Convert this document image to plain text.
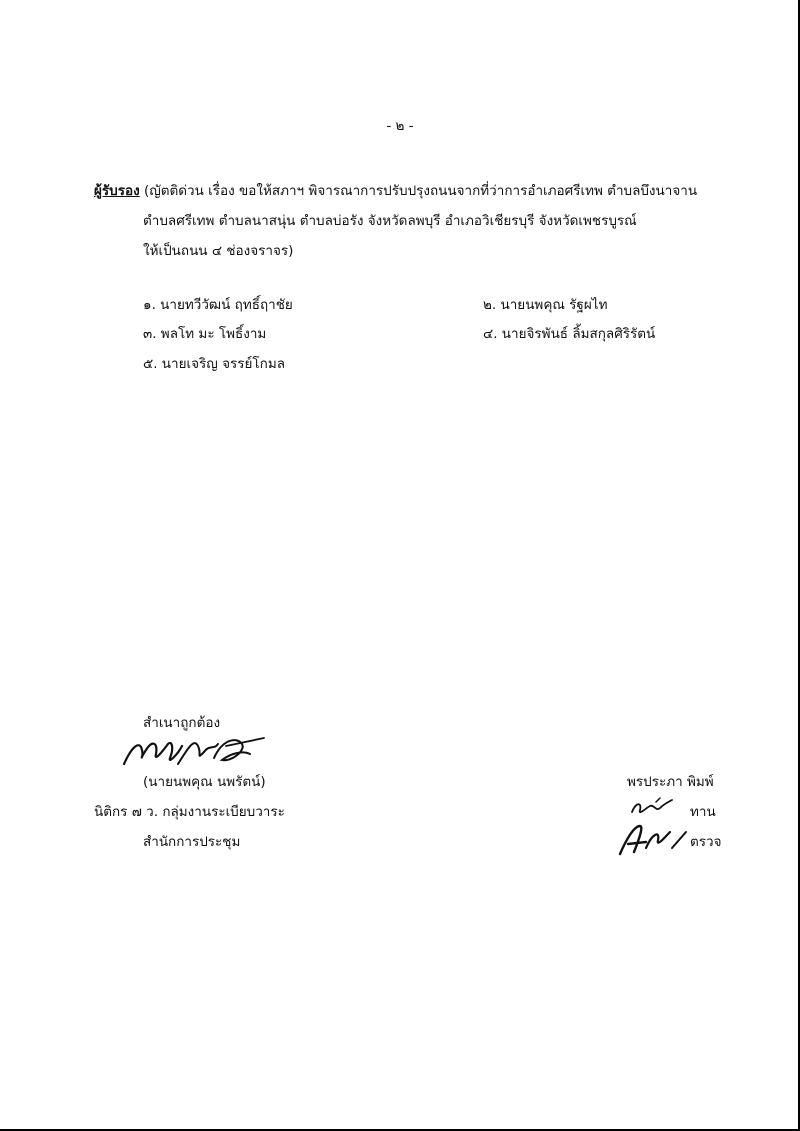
- ๒ -
ผู้รับรอง (ญัตติด่วน เรื่อง ขอให้สภาฯ พิจารณาการปรับปรุงถนนจากที่ว่าการอำเภอศรีเทพ ตำบลบึงนาจาน
ตำบลศรีเทพ ตำบลนาสนุ่น ตำบลบ่อรัง จังหวัดลพบุรี อำเภอวิเชียรบุรี จังหวัดเพชรบูรณ์
ให้เป็นถนน ๔ ช่องจราจร)
๑. นายทวีวัฒน์ ฤทธิ์ฤาชัย	๒. นายนพคุณ รัฐผไท
๓. พลโท มะ โพธิ์งาม	๔. นายจิรพันธ์ ลิ้มสกุลศิริรัตน์
๕. นายเจริญ จรรย์โกมล
สำเนาถูกต้อง
(นายนพคุณ นพรัตน์)
นิติกร ๗ ว. กลุ่มงานระเบียบวาระ
สำนักการประชุม
พรประภา พิมพ์
ทาน
ตรวจ
